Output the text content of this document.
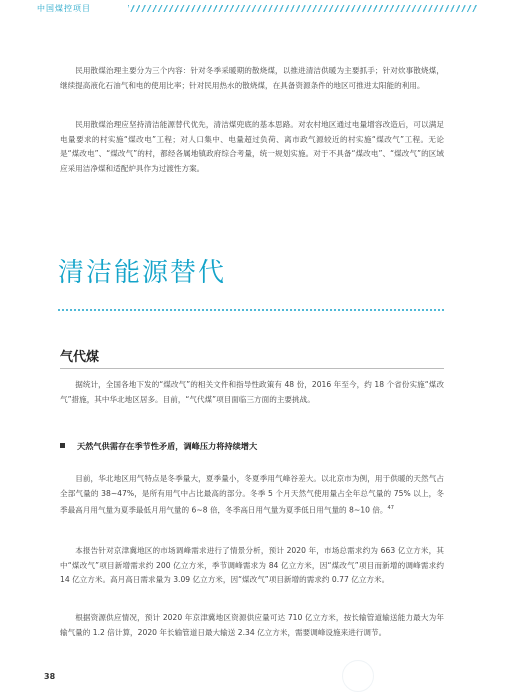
中国煤控项目

民用散煤治理主要分为三个内容：针对冬季采暖期的散烧煤，以推进清洁供暖为主要抓手；针对炊事散烧煤，继续提高液化石油气和电的使用比率；针对民用热水的散烧煤，在具备资源条件的地区可推进太阳能的利用。

民用散煤治理应坚持清洁能源替代优先，清洁煤兜底的基本思路。对农村地区通过电量增容改造后，可以满足电量要求的村实施“煤改电”工程；对人口集中、电量超过负荷、离市政气源较近的村实施“煤改气”工程。无论是“煤改电”、“煤改气”的村，都经各属地镇政府综合考量，统一规划实施。对于不具备“煤改电”、“煤改气”的区域应采用洁净煤和适配炉具作为过渡性方案。

清洁能源替代
气代煤

据统计，全国各地下发的“煤改气”的相关文件和指导性政策有 48 份，2016 年至今，约 18 个省份实施“煤改气”措施，其中华北地区居多。目前，“气代煤”项目面临三方面的主要挑战。

天然气供需存在季节性矛盾，调峰压力将持续增大

目前，华北地区用气特点是冬季量大，夏季量小，冬夏季用气峰谷差大。以北京市为例，用于供暖的天然气占全部气量的 38~47%，是所有用气中占比最高的部分。冬季 5 个月天然气使用量占全年总气量的 75% 以上，冬季最高月用气量为夏季最低月用气量的 6~8 倍，冬季高日用气量为夏季低日用气量的 8~10 倍。$^{47}$

本报告针对京津冀地区的市场调峰需求进行了情景分析，预计 2020 年，市场总需求约为 663 亿立方米，其中“煤改气”项目新增需求约 200 亿立方米，季节调峰需求为 84 亿立方米，因“煤改气”项目而新增的调峰需求约 14 亿立方米。高月高日需求量为 3.09 亿立方米，因“煤改气”项目新增的需求约 0.77 亿立方米。

根据资源供应情况，预计 2020 年京津冀地区资源供应量可达 710 亿立方米，按长输管道输送能力最大为年输气量的 1.2 倍计算，2020 年长输管道日最大输送 2.34 亿立方米，需要调峰设施来进行调节。

38
